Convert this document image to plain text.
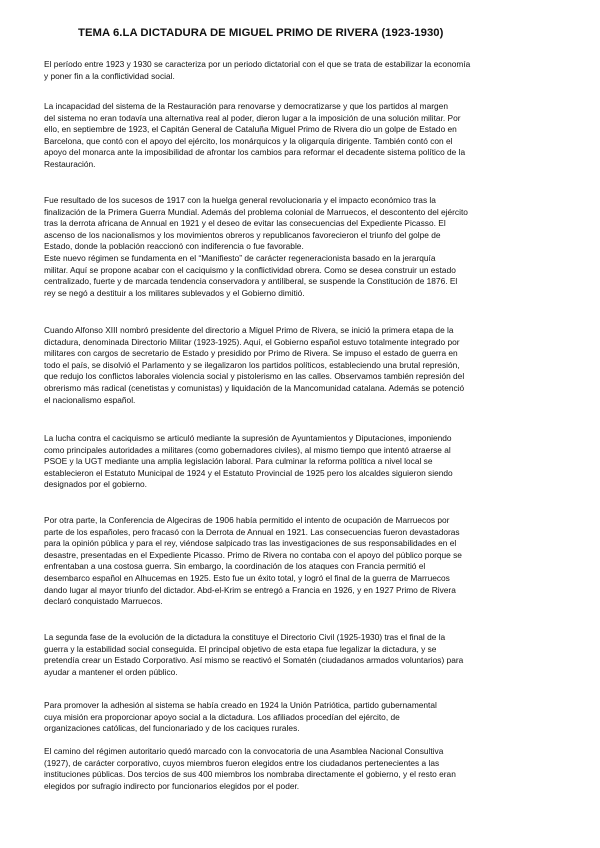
TEMA 6.LA DICTADURA DE MIGUEL PRIMO DE RIVERA (1923-1930)

El período entre 1923 y 1930 se caracteriza por un periodo dictatorial con el que se trata de estabilizar la economía
y poner fin a la conflictividad social.

La incapacidad del sistema de la Restauración para renovarse y democratizarse y que los partidos al margen
del sistema no eran todavía una alternativa real al poder, dieron lugar a la imposición de una solución militar. Por
ello, en septiembre de 1923, el Capitán General de Cataluña Miguel Primo de Rivera dio un golpe de Estado en
Barcelona, que contó con el apoyo del ejército, los monárquicos y la oligarquía dirigente. También contó con el
apoyo del monarca ante la imposibilidad de afrontar los cambios para reformar el decadente sistema político de la
Restauración.

Fue resultado de los sucesos de 1917 con la huelga general revolucionaria y el impacto económico tras la
finalización de la Primera Guerra Mundial. Además del problema colonial de Marruecos, el descontento del ejército
tras la derrota africana de Annual en 1921 y el deseo de evitar las consecuencias del Expediente Picasso. El
ascenso de los nacionalismos y los movimientos obreros y republicanos favorecieron el triunfo del golpe de
Estado, donde la población reaccionó con indiferencia o fue favorable.
Este nuevo régimen se fundamenta en el “Manifiesto” de carácter regeneracionista basado en la jerarquía
militar. Aquí se propone acabar con el caciquismo y la conflictividad obrera. Como se desea construir un estado
centralizado, fuerte y de marcada tendencia conservadora y antiliberal, se suspende la Constitución de 1876. El
rey se negó a destituir a los militares sublevados y el Gobierno dimitió.

Cuando Alfonso XIII nombró presidente del directorio a Miguel Primo de Rivera, se inició la primera etapa de la
dictadura, denominada Directorio Militar (1923-1925). Aquí, el Gobierno español estuvo totalmente integrado por
militares con cargos de secretario de Estado y presidido por Primo de Rivera. Se impuso el estado de guerra en
todo el país, se disolvió el Parlamento y se ilegalizaron los partidos políticos, estableciendo una brutal represión,
que redujo los conflictos laborales violencia social y pistolerismo en las calles. Observamos también represión del
obrerismo más radical (cenetistas y comunistas) y liquidación de la Mancomunidad catalana. Además se potenció
el nacionalismo español.

La lucha contra el caciquismo se articuló mediante la supresión de Ayuntamientos y Diputaciones, imponiendo
como principales autoridades a militares (como gobernadores civiles), al mismo tiempo que intentó atraerse al
PSOE y la UGT mediante una amplia legislación laboral. Para culminar la reforma política a nivel local se
establecieron el Estatuto Municipal de 1924 y el Estatuto Provincial de 1925 pero los alcaldes siguieron siendo
designados por el gobierno.

Por otra parte, la Conferencia de Algeciras de 1906 había permitido el intento de ocupación de Marruecos por
parte de los españoles, pero fracasó con la Derrota de Annual en 1921. Las consecuencias fueron devastadoras
para la opinión pública y para el rey, viéndose salpicado tras las investigaciones de sus responsabilidades en el
desastre, presentadas en el Expediente Picasso. Primo de Rivera no contaba con el apoyo del público porque se
enfrentaban a una costosa guerra. Sin embargo, la coordinación de los ataques con Francia permitió el
desembarco español en Alhucemas en 1925. Esto fue un éxito total, y logró el final de la guerra de Marruecos
dando lugar al mayor triunfo del dictador. Abd-el-Krim se entregó a Francia en 1926, y en 1927 Primo de Rivera
declaró conquistado Marruecos.

La segunda fase de la evolución de la dictadura la constituye el Directorio Civil (1925-1930) tras el final de la
guerra y la estabilidad social conseguida. El principal objetivo de esta etapa fue legalizar la dictadura, y se
pretendía crear un Estado Corporativo. Así mismo se reactivó el Somatén (ciudadanos armados voluntarios) para
ayudar a mantener el orden público.

Para promover la adhesión al sistema se había creado en 1924 la Unión Patriótica, partido gubernamental
cuya misión era proporcionar apoyo social a la dictadura. Los afiliados procedían del ejército, de
organizaciones católicas, del funcionariado y de los caciques rurales.

El camino del régimen autoritario quedó marcado con la convocatoria de una Asamblea Nacional Consultiva
(1927), de carácter corporativo, cuyos miembros fueron elegidos entre los ciudadanos pertenecientes a las
instituciones públicas. Dos tercios de sus 400 miembros los nombraba directamente el gobierno, y el resto eran
elegidos por sufragio indirecto por funcionarios elegidos por el poder.
